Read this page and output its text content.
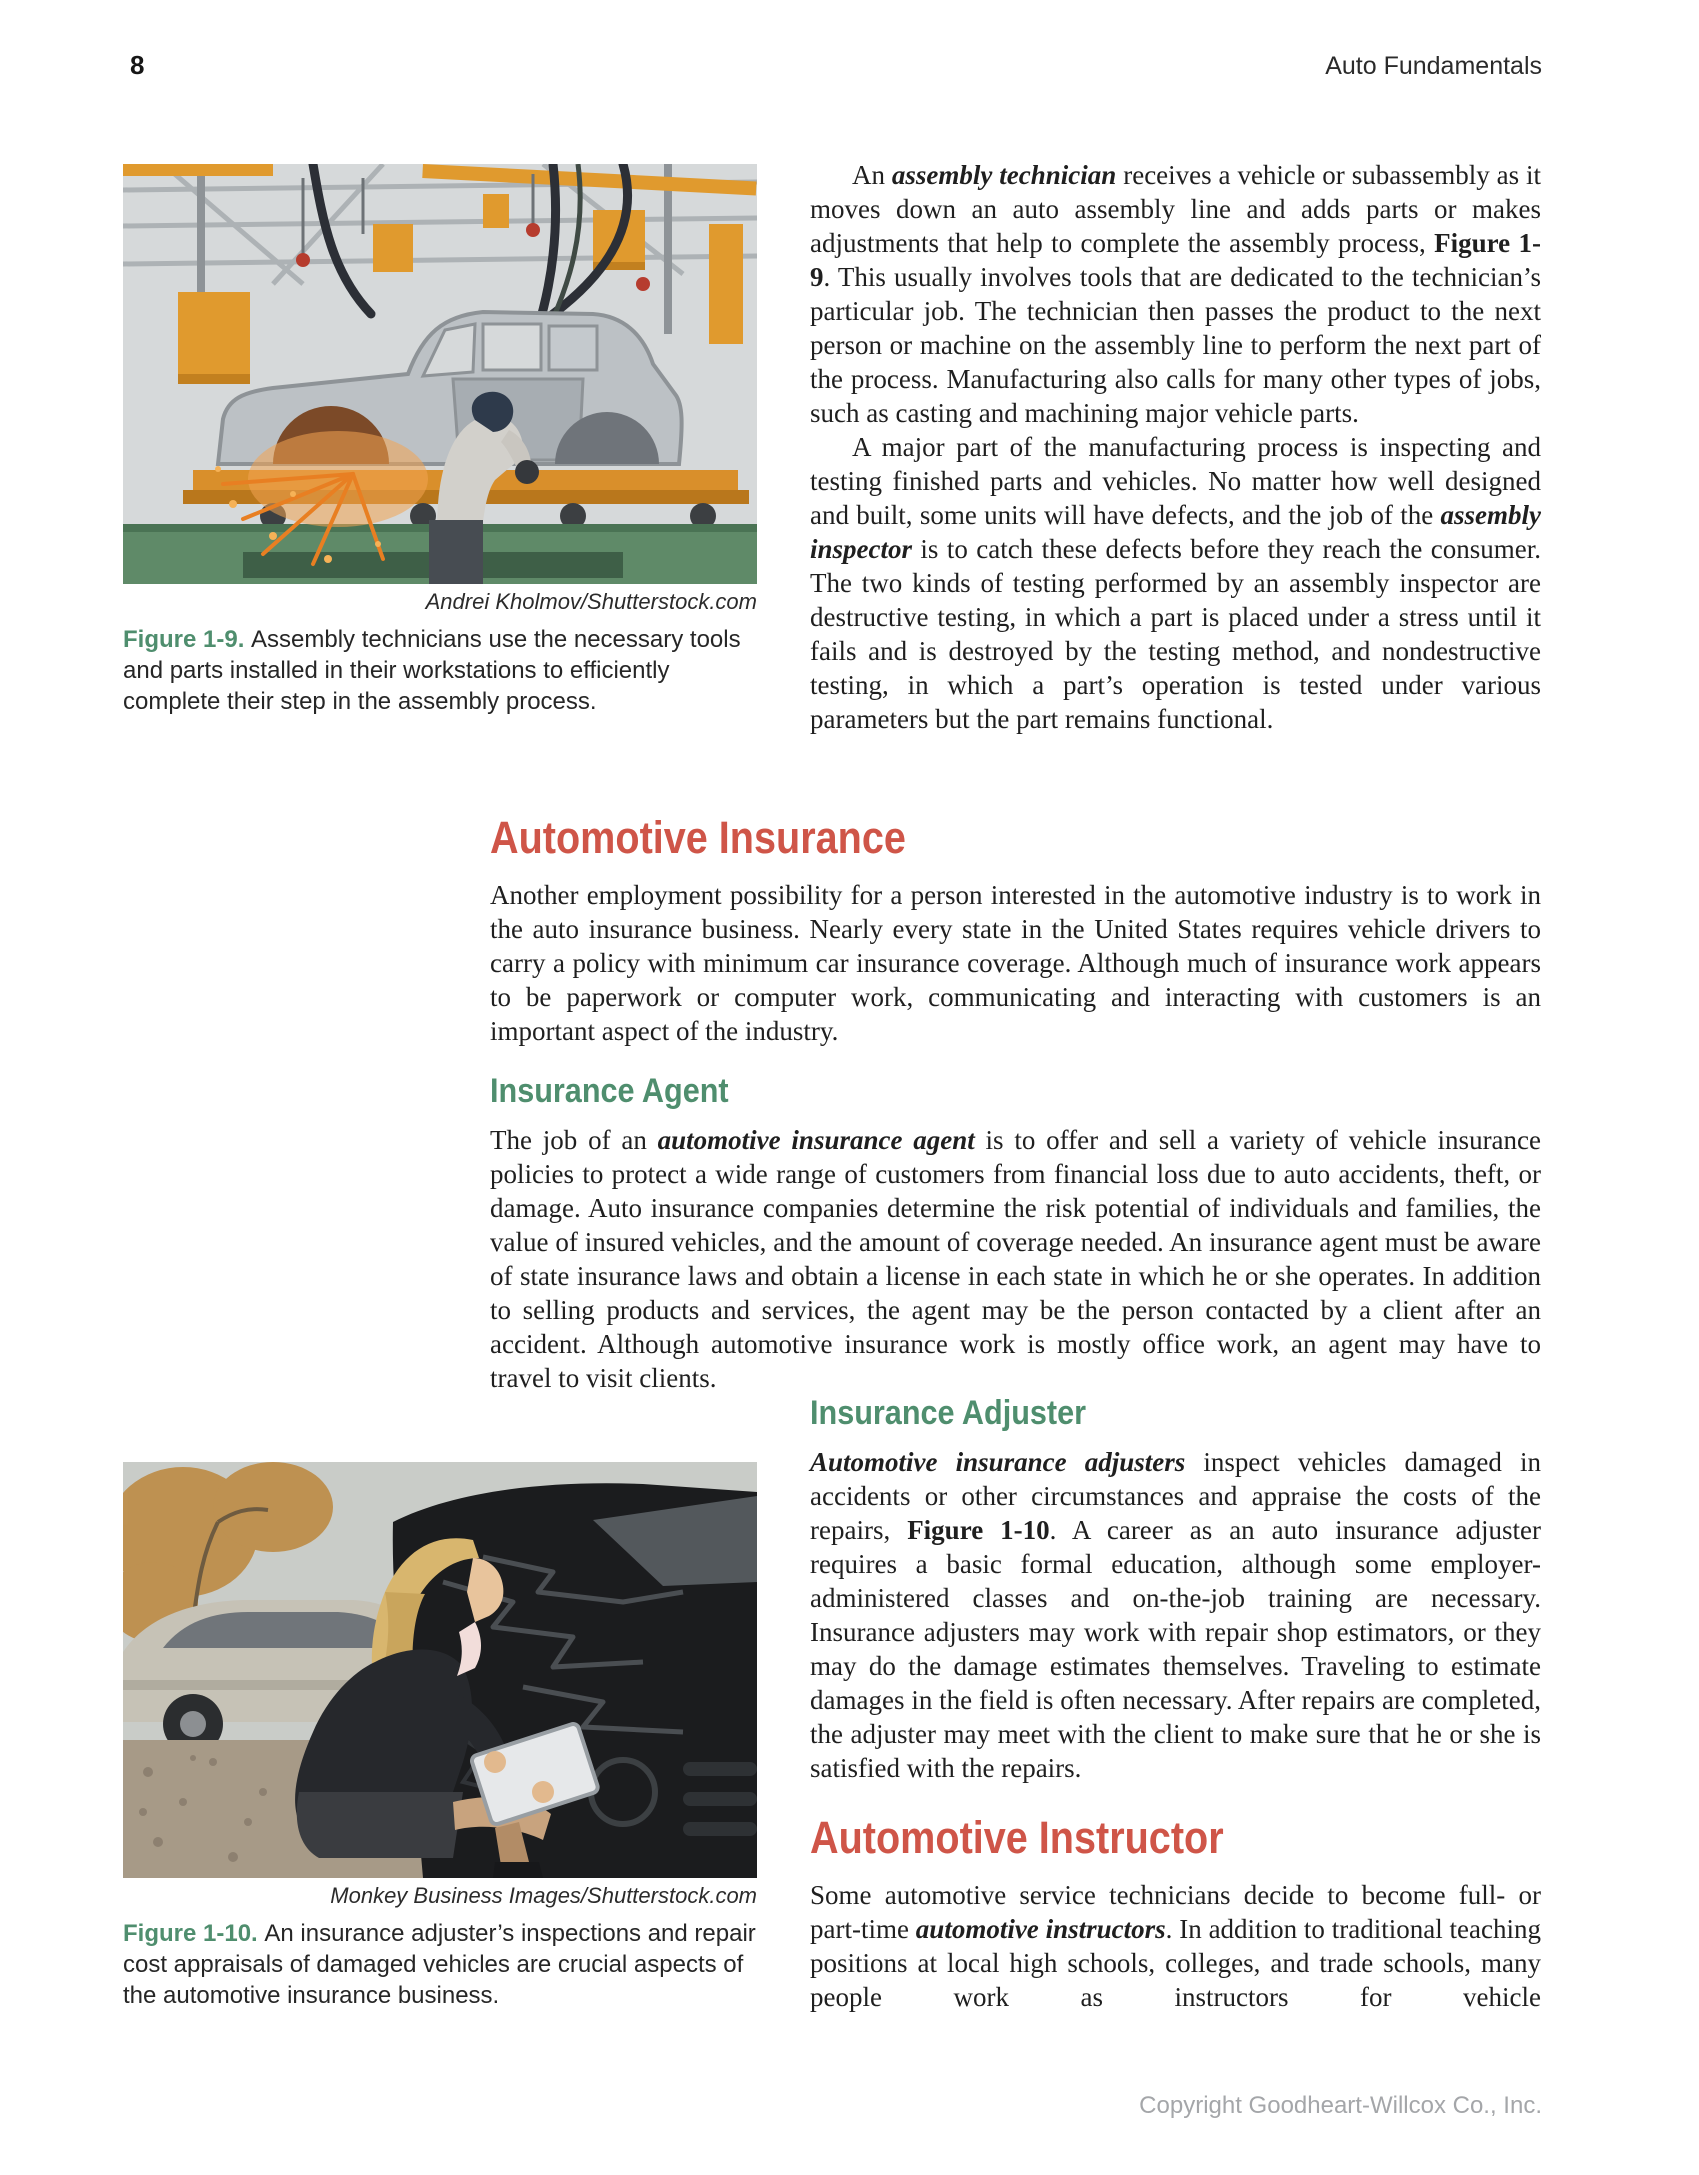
8	Auto Fundamentals
Andrei Kholmov/Shutterstock.com
Figure 1-9. Assembly technicians use the necessary tools and parts installed in their workstations to efficiently complete their step in the assembly process.

An assembly technician receives a vehicle or subassembly as it moves down an auto assembly line and adds parts or makes adjustments that help to complete the assembly process, Figure 1-9. This usually involves tools that are dedicated to the technician’s particular job. The technician then passes the product to the next person or machine on the assembly line to perform the next part of the process. Manufacturing also calls for many other types of jobs, such as casting and machining major vehicle parts.

A major part of the manufacturing process is inspecting and testing finished parts and vehicles. No matter how well designed and built, some units will have defects, and the job of the assembly inspector is to catch these defects before they reach the consumer. The two kinds of testing performed by an assembly inspector are destructive testing, in which a part is placed under a stress until it fails and is destroyed by the testing method, and nondestructive testing, in which a part’s operation is tested under various parameters but the part remains functional.

Automotive Insurance

Another employment possibility for a person interested in the automotive industry is to work in the auto insurance business. Nearly every state in the United States requires vehicle drivers to carry a policy with minimum car insurance coverage. Although much of insurance work appears to be paperwork or computer work, communicating and interacting with customers is an important aspect of the industry.

Insurance Agent

The job of an automotive insurance agent is to offer and sell a variety of vehicle insurance policies to protect a wide range of customers from financial loss due to auto accidents, theft, or damage. Auto insurance companies determine the risk potential of individuals and families, the value of insured vehicles, and the amount of coverage needed. An insurance agent must be aware of state insurance laws and obtain a license in each state in which he or she operates. In addition to selling products and services, the agent may be the person contacted by a client after an accident. Although automotive insurance work is mostly office work, an agent may have to travel to visit clients.

Insurance Adjuster

Automotive insurance adjusters inspect vehicles damaged in accidents or other circumstances and appraise the costs of the repairs, Figure 1-10. A career as an auto insurance adjuster requires a basic formal education, although some employer-administered classes and on-the-job training are necessary. Insurance adjusters may work with repair shop estimators, or they may do the damage estimates themselves. Traveling to estimate damages in the field is often necessary. After repairs are completed, the adjuster may meet with the client to make sure that he or she is satisfied with the repairs.

Monkey Business Images/Shutterstock.com
Figure 1-10. An insurance adjuster’s inspections and repair cost appraisals of damaged vehicles are crucial aspects of the automotive insurance business.
Automotive Instructor

Some automotive service technicians decide to become full- or part-time automotive instructors. In addition to traditional teaching positions at local high schools, colleges, and trade schools, many people work as instructors for vehicle

Copyright Goodheart-Willcox Co., Inc.
